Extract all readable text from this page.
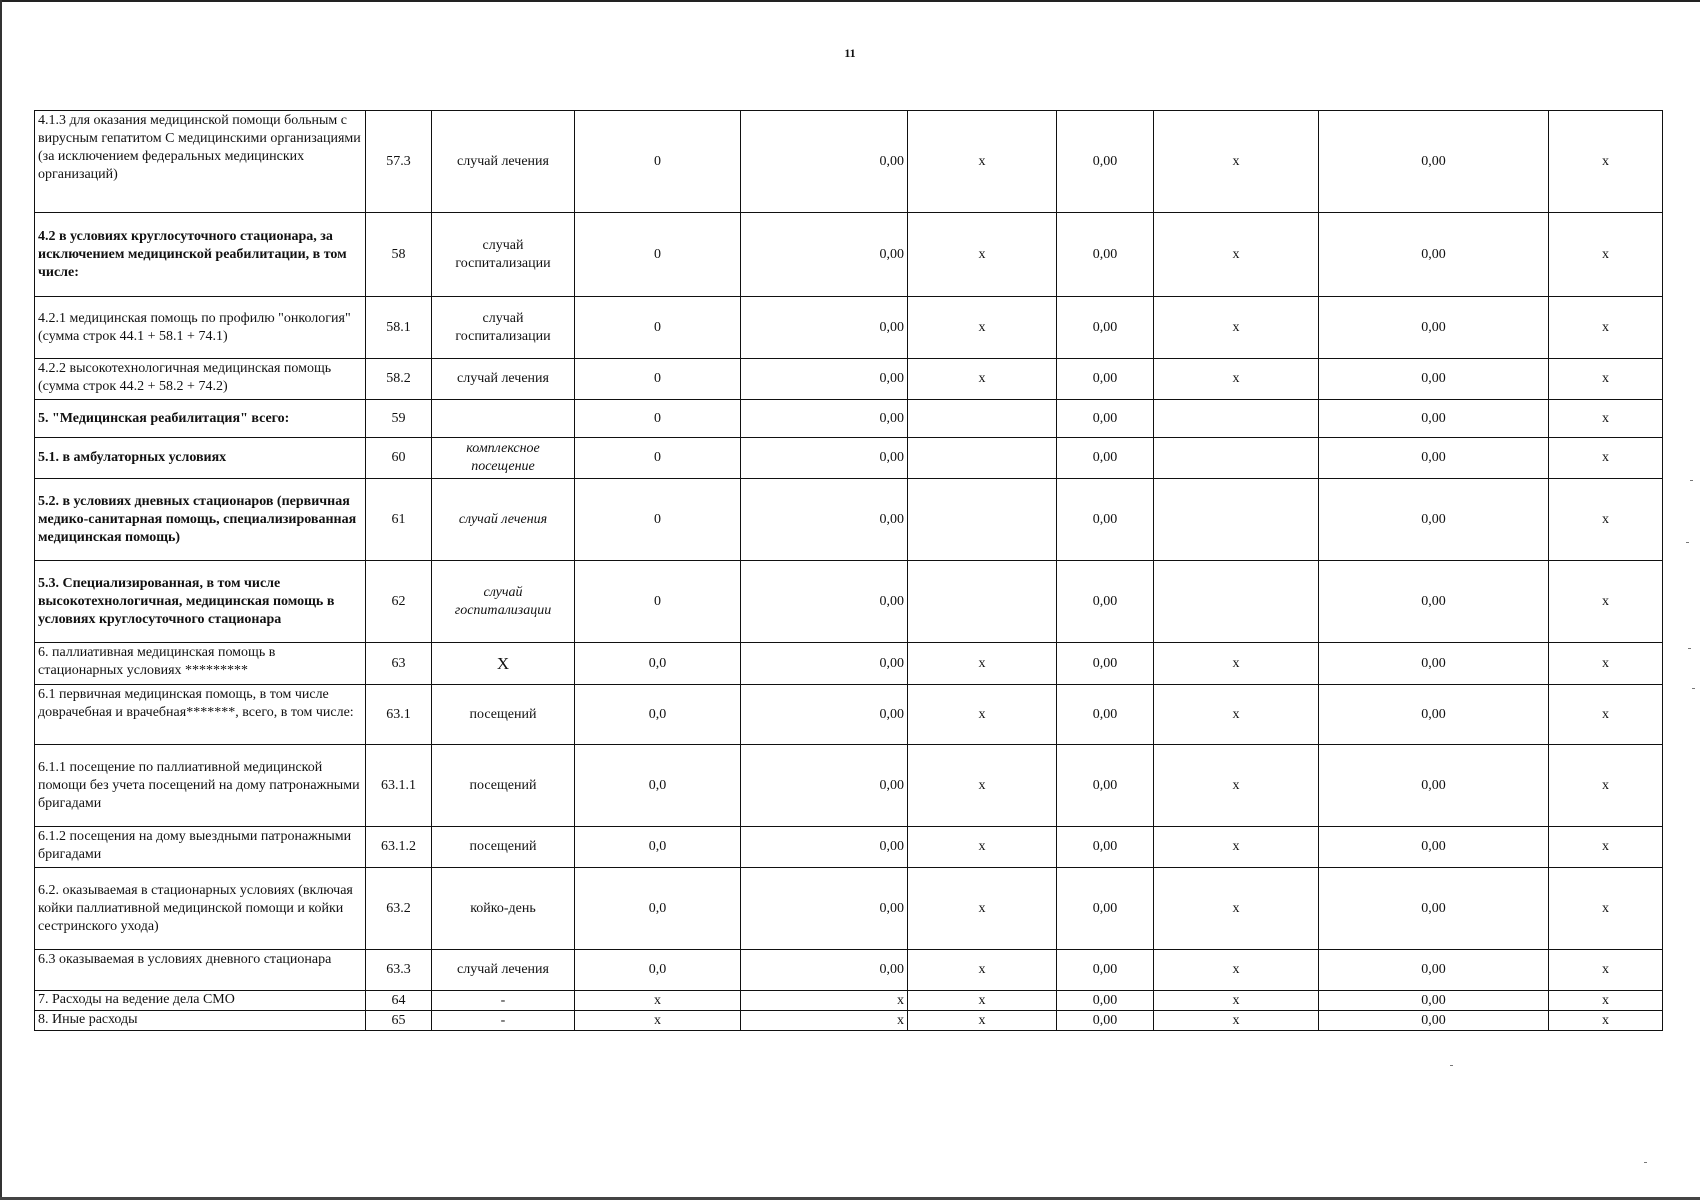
11
4.1.3 для оказания медицинской помощи больным с вирусным гепатитом С медицинскими организациями (за исключением федеральных медицинских организаций)	57.3	случай лечения	0	0,00	х	0,00	х	0,00	х
4.2 в условиях круглосуточного стационара, за исключением медицинской реабилитации, в том числе:	58	случай госпитализации	0	0,00	х	0,00	х	0,00	х
4.2.1 медицинская помощь по профилю "онкология" (сумма строк 44.1 + 58.1 + 74.1)	58.1	случай госпитализации	0	0,00	х	0,00	х	0,00	х
4.2.2 высокотехнологичная медицинская помощь (сумма строк 44.2 + 58.2 + 74.2)	58.2	случай лечения	0	0,00	х	0,00	х	0,00	х
5. "Медицинская реабилитация" всего:	59		0	0,00		0,00		0,00	х
5.1. в амбулаторных условиях	60	комплексное посещение	0	0,00		0,00		0,00	х
5.2. в условиях дневных стационаров (первичная медико-санитарная помощь, специализированная медицинская помощь)	61	случай лечения	0	0,00		0,00		0,00	х
5.3. Специализированная, в том числе высокотехнологичная, медицинская помощь в условиях круглосуточного стационара	62	случай госпитализации	0	0,00		0,00		0,00	х
6. паллиативная медицинская помощь в стационарных условиях *********	63	Х	0,0	0,00	х	0,00	х	0,00	х
6.1 первичная медицинская помощь, в том числе доврачебная и врачебная*******, всего, в том числе:	63.1	посещений	0,0	0,00	х	0,00	х	0,00	х
6.1.1 посещение по паллиативной медицинской помощи без учета посещений на дому патронажными бригадами	63.1.1	посещений	0,0	0,00	х	0,00	х	0,00	х
6.1.2 посещения на дому выездными патронажными бригадами	63.1.2	посещений	0,0	0,00	х	0,00	х	0,00	х
6.2. оказываемая в стационарных условиях (включая койки паллиативной медицинской помощи и койки сестринского ухода)	63.2	койко-день	0,0	0,00	х	0,00	х	0,00	х
6.3 оказываемая в условиях дневного стационара	63.3	случай лечения	0,0	0,00	х	0,00	х	0,00	х
7. Расходы на ведение дела СМО	64	-	х	х	х	0,00	х	0,00	х
8. Иные расходы	65	-	х	х	х	0,00	х	0,00	х
